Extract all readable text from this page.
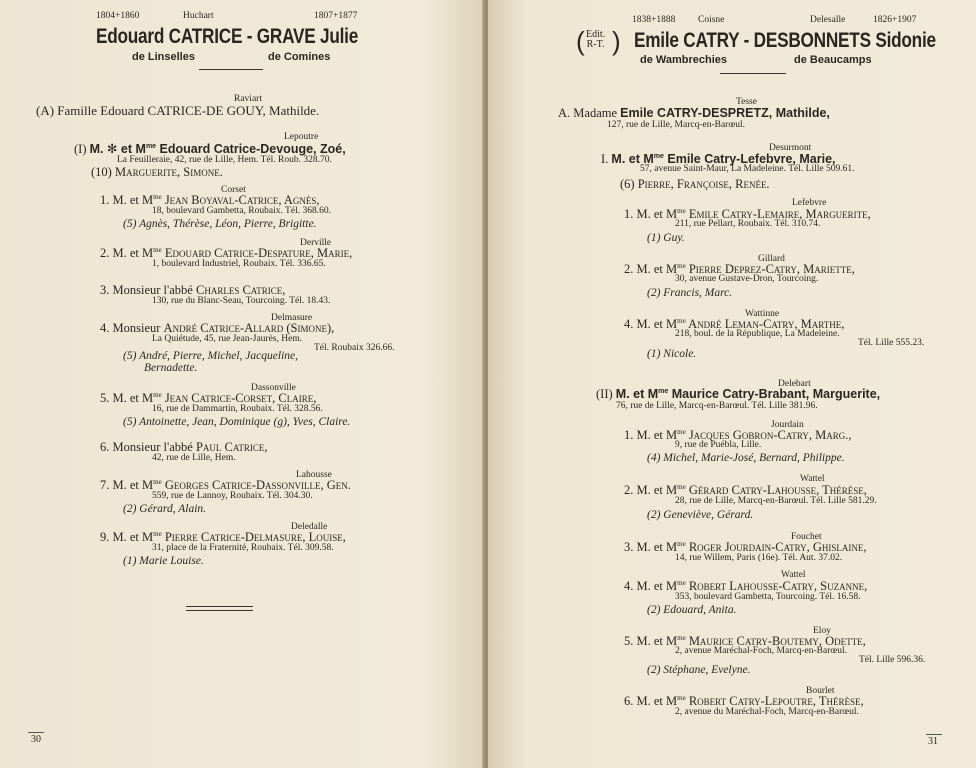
1804+1860	Huchart	1807+1877
Edouard CATRICE - GRAVE Julie
de Linselles	de Comines
Raviart
(A) Famille Edouard CATRICE-DE GOUY, Mathilde.
Lepoutre
(I) M. ✻ et $M^{me}$ Edouard Catrice-Devouge, Zoé,
La Feuilleraie, 42, rue de Lille, Hem. Tél. Roub. 328.70.
(10) Marguerite, Simone.
Corset
1. M. et $M^{me}$ Jean Boyaval-Catrice, Agnès,
18, boulevard Gambetta, Roubaix. Tél. 368.60.
(5) Agnès, Thérèse, Léon, Pierre, Brigitte.
Derville
2. M. et $M^{me}$ Edouard Catrice-Despature, Marie,
1, boulevard Industriel, Roubaix. Tél. 336.65.
3. Monsieur l'abbé Charles Catrice,
130, rue du Blanc-Seau, Tourcoing. Tél. 18.43.
Delmasure
4. Monsieur André Catrice-Allard (Simone),
La Quiétude, 45, rue Jean-Jaurès, Hem.
Tél. Roubaix 326.66.
(5) André, Pierre, Michel, Jacqueline,
Bernadette.
Dassonville
5. M. et $M^{me}$ Jean Catrice-Corset, Claire,
16, rue de Dammartin, Roubaix. Tél. 328.56.
(5) Antoinette, Jean, Dominique (g), Yves, Claire.
6. Monsieur l'abbé Paul Catrice,
42, rue de Lille, Hem.
Lahousse
7. M. et $M^{me}$ Georges Catrice-Dassonville, Gen.
559, rue de Lannoy, Roubaix. Tél. 304.30.
(2) Gérard, Alain.
Deledalle
9. M. et $M^{me}$ Pierre Catrice-Delmasure, Louise,
31, place de la Fraternité, Roubaix. Tél. 309.58.
(1) Marie Louise.
30
( Edit.
R-T. )
1838+1888 Coisne	Delesalle	1826+1907
Emile CATRY - DESBONNETS Sidonie
de Wambrechies	de Beaucamps
Tesse
A. Madame Emile CATRY-DESPRETZ, Mathilde,
127, rue de Lille, Marcq-en-Barœul.
Desurmont
I. M. et $M^{me}$ Emile Catry-Lefebvre, Marie,
57, avenue Saint-Maur, La Madeleine. Tél. Lille 509.61.
(6) Pierre, Françoise, Renée.
Lefebvre
1. M. et $M^{me}$ Emile Catry-Lemaire, Marguerite,
211, rue Pellart, Roubaix. Tél. 310.74.
(1) Guy.
Gillard
2. M. et $M^{me}$ Pierre Deprez-Catry, Mariette,
30, avenue Gustave-Dron, Tourcoing.
(2) Francis, Marc.
Wattinne
4. M. et $M^{me}$ André Leman-Catry, Marthe,
218, boul. de la République, La Madeleine.
Tél. Lille 555.23.
(1) Nicole.
Delebart
(II) M. et $M^{me}$ Maurice Catry-Brabant, Marguerite,
76, rue de Lille, Marcq-en-Barœul. Tél. Lille 381.96.
Jourdain
1. M. et $M^{me}$ Jacques Gobron-Catry, Marg.,
9, rue de Puébla, Lille.
(4) Michel, Marie-José, Bernard, Philippe.
Wattel
2. M. et $M^{me}$ Gérard Catry-Lahousse, Thérèse,
28, rue de Lille, Marcq-en-Barœul. Tél. Lille 581.29.
(2) Geneviève, Gérard.
Fouchet
3. M. et $M^{me}$ Roger Jourdain-Catry, Ghislaine,
14, rue Willem, Paris (16e). Tél. Aut. 37.02.
Wattel
4. M. et $M^{me}$ Robert Lahousse-Catry, Suzanne,
353, boulevard Gambetta, Tourcoing. Tél. 16.58.
(2) Edouard, Anita.
Eloy
5. M. et $M^{me}$ Maurice Catry-Boutemy, Odette,
2, avenue Maréchal-Foch, Marcq-en-Barœul.
Tél. Lille 596.36.
(2) Stéphane, Evelyne.
Bourlet
6. M. et $M^{me}$ Robert Catry-Lepoutre, Thérèse,
2, avenue du Maréchal-Foch, Marcq-en-Barœul.
31
